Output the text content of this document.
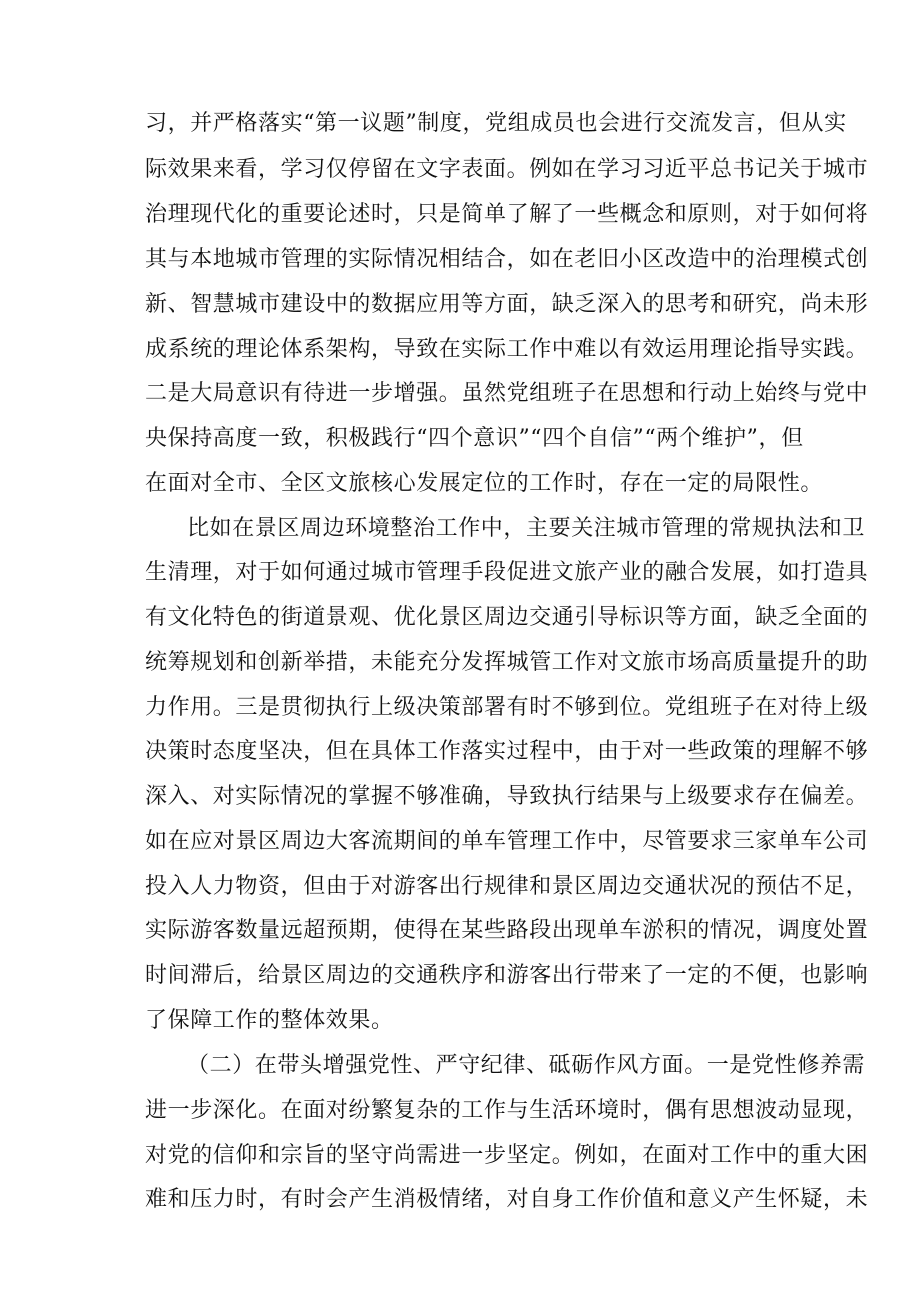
习，并严格落实“第一议题”制度，党组成员也会进行交流发言，但从实
际效果来看，学习仅停留在文字表面。例如在学习习近平总书记关于城市
治理现代化的重要论述时，只是简单了解了一些概念和原则，对于如何将
其与本地城市管理的实际情况相结合，如在老旧小区改造中的治理模式创
新、智慧城市建设中的数据应用等方面，缺乏深入的思考和研究，尚未形
成系统的理论体系架构，导致在实际工作中难以有效运用理论指导实践。
二是大局意识有待进一步增强。虽然党组班子在思想和行动上始终与党中
央保持高度一致，积极践行“四个意识”“四个自信”“两个维护”，但
在面对全市、全区文旅核心发展定位的工作时，存在一定的局限性。
比如在景区周边环境整治工作中，主要关注城市管理的常规执法和卫
生清理，对于如何通过城市管理手段促进文旅产业的融合发展，如打造具
有文化特色的街道景观、优化景区周边交通引导标识等方面，缺乏全面的
统筹规划和创新举措，未能充分发挥城管工作对文旅市场高质量提升的助
力作用。三是贯彻执行上级决策部署有时不够到位。党组班子在对待上级
决策时态度坚决，但在具体工作落实过程中，由于对一些政策的理解不够
深入、对实际情况的掌握不够准确，导致执行结果与上级要求存在偏差。
如在应对景区周边大客流期间的单车管理工作中，尽管要求三家单车公司
投入人力物资，但由于对游客出行规律和景区周边交通状况的预估不足，
实际游客数量远超预期，使得在某些路段出现单车淤积的情况，调度处置
时间滞后，给景区周边的交通秩序和游客出行带来了一定的不便，也影响
了保障工作的整体效果。
（二）在带头增强党性、严守纪律、砥砺作风方面。一是党性修养需
进一步深化。在面对纷繁复杂的工作与生活环境时，偶有思想波动显现，
对党的信仰和宗旨的坚守尚需进一步坚定。例如，在面对工作中的重大困
难和压力时，有时会产生消极情绪，对自身工作价值和意义产生怀疑，未
